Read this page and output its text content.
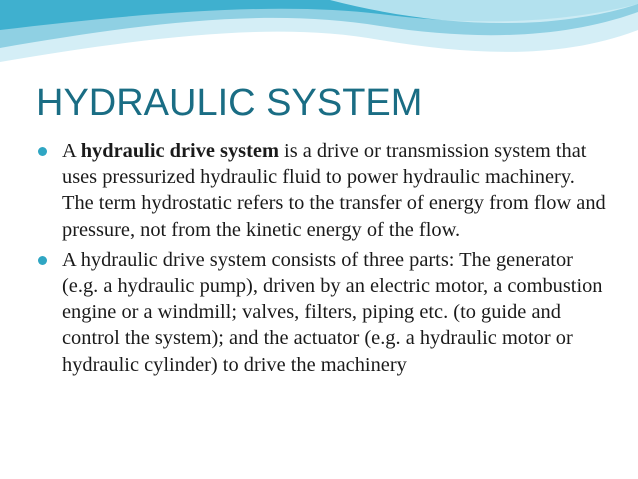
HYDRAULIC SYSTEM
A hydraulic drive system is a drive or transmission system that uses pressurized hydraulic fluid to power hydraulic machinery. The term hydrostatic refers to the transfer of energy from flow and pressure, not from the kinetic energy of the flow.
A hydraulic drive system consists of three parts: The generator (e.g. a hydraulic pump), driven by an electric motor, a combustion engine or a windmill; valves, filters, piping etc. (to guide and control the system); and the actuator (e.g. a hydraulic motor or hydraulic cylinder) to drive the machinery
